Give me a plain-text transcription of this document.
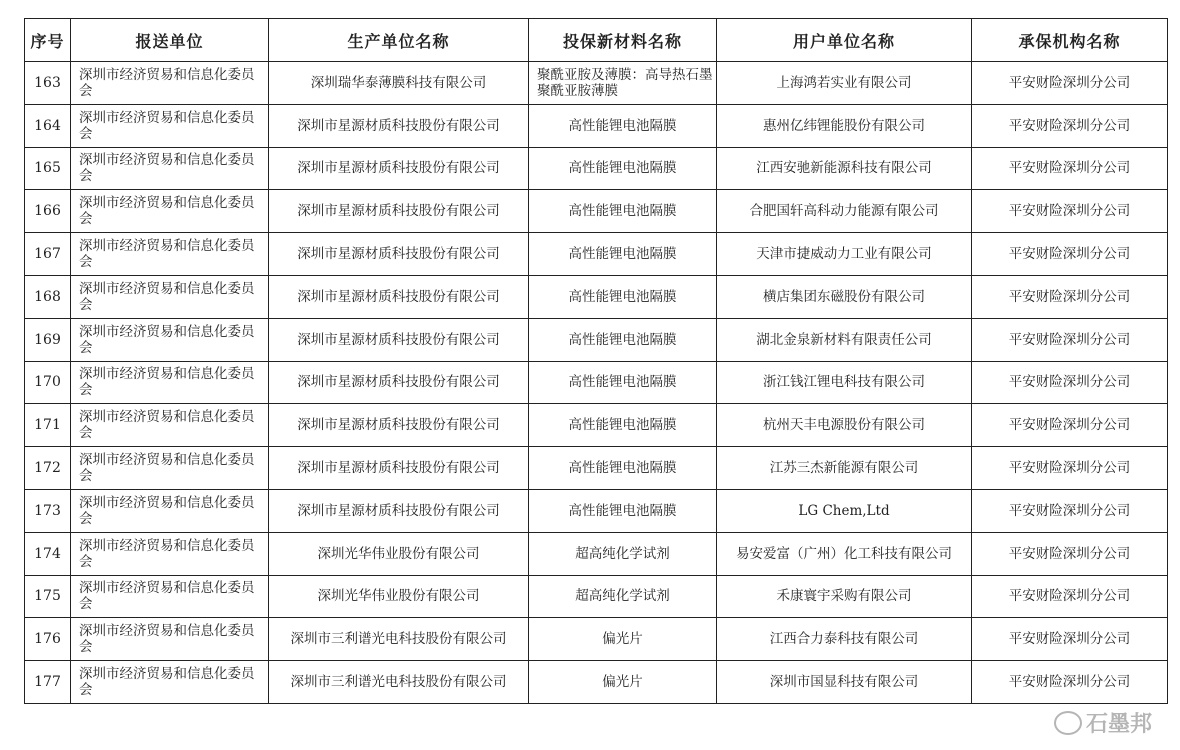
序号	报送单位	生产单位名称	投保新材料名称	用户单位名称	承保机构名称
163	深圳市经济贸易和信息化委员会	深圳瑞华泰薄膜科技有限公司	聚酰亚胺及薄膜：高导热石墨聚酰亚胺薄膜	上海鸿若实业有限公司	平安财险深圳分公司
164	深圳市经济贸易和信息化委员会	深圳市星源材质科技股份有限公司	高性能锂电池隔膜	惠州亿纬锂能股份有限公司	平安财险深圳分公司
165	深圳市经济贸易和信息化委员会	深圳市星源材质科技股份有限公司	高性能锂电池隔膜	江西安驰新能源科技有限公司	平安财险深圳分公司
166	深圳市经济贸易和信息化委员会	深圳市星源材质科技股份有限公司	高性能锂电池隔膜	合肥国轩高科动力能源有限公司	平安财险深圳分公司
167	深圳市经济贸易和信息化委员会	深圳市星源材质科技股份有限公司	高性能锂电池隔膜	天津市捷威动力工业有限公司	平安财险深圳分公司
168	深圳市经济贸易和信息化委员会	深圳市星源材质科技股份有限公司	高性能锂电池隔膜	横店集团东磁股份有限公司	平安财险深圳分公司
169	深圳市经济贸易和信息化委员会	深圳市星源材质科技股份有限公司	高性能锂电池隔膜	湖北金泉新材料有限责任公司	平安财险深圳分公司
170	深圳市经济贸易和信息化委员会	深圳市星源材质科技股份有限公司	高性能锂电池隔膜	浙江钱江锂电科技有限公司	平安财险深圳分公司
171	深圳市经济贸易和信息化委员会	深圳市星源材质科技股份有限公司	高性能锂电池隔膜	杭州天丰电源股份有限公司	平安财险深圳分公司
172	深圳市经济贸易和信息化委员会	深圳市星源材质科技股份有限公司	高性能锂电池隔膜	江苏三杰新能源有限公司	平安财险深圳分公司
173	深圳市经济贸易和信息化委员会	深圳市星源材质科技股份有限公司	高性能锂电池隔膜	LG Chem,Ltd	平安财险深圳分公司
174	深圳市经济贸易和信息化委员会	深圳光华伟业股份有限公司	超高纯化学试剂	易安爱富（广州）化工科技有限公司	平安财险深圳分公司
175	深圳市经济贸易和信息化委员会	深圳光华伟业股份有限公司	超高纯化学试剂	禾康寰宇采购有限公司	平安财险深圳分公司
176	深圳市经济贸易和信息化委员会	深圳市三利谱光电科技股份有限公司	偏光片	江西合力泰科技有限公司	平安财险深圳分公司
177	深圳市经济贸易和信息化委员会	深圳市三利谱光电科技股份有限公司	偏光片	深圳市国显科技有限公司	平安财险深圳分公司
石墨邦
